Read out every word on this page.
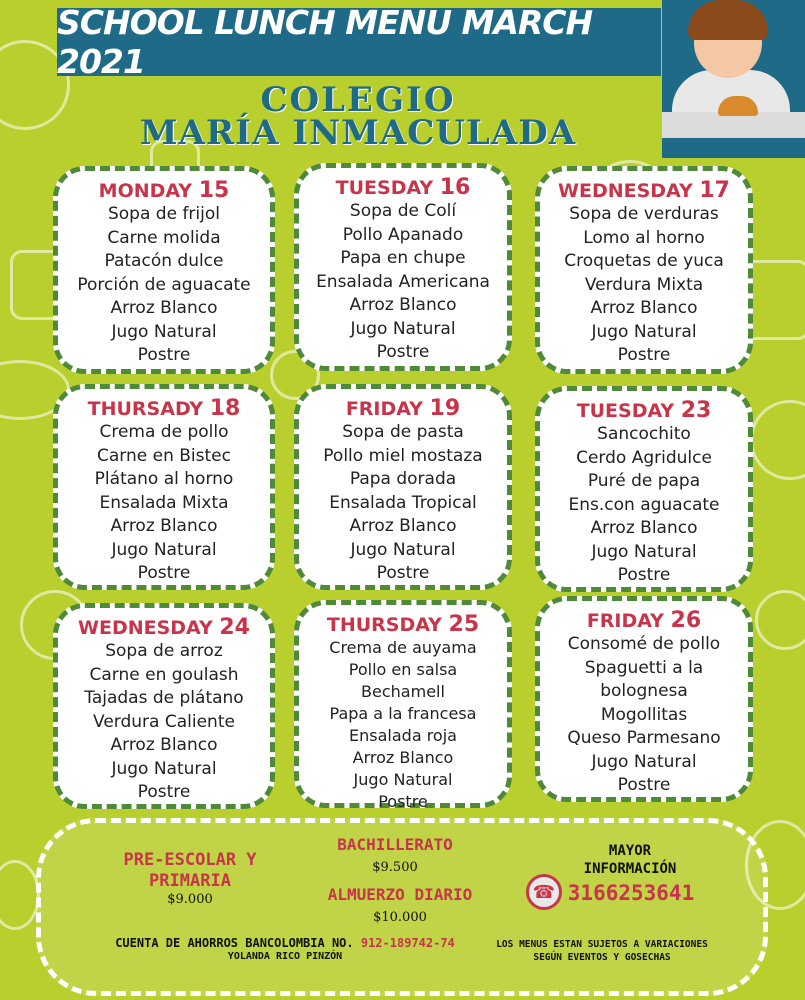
SCHOOL LUNCH MENU MARCH 2021
COLEGIO
MARÍA INMACULADA
MONDAY 15
Sopa de frijol
Carne molida
Patacón dulce
Porción de aguacate
Arroz Blanco
Jugo Natural
Postre
TUESDAY 16
Sopa de Colí
Pollo Apanado
Papa en chupe
Ensalada Americana
Arroz Blanco
Jugo Natural
Postre
WEDNESDAY 17
Sopa de verduras
Lomo al horno
Croquetas de yuca
Verdura Mixta
Arroz Blanco
Jugo Natural
Postre
THURSADY 18
Crema de pollo
Carne en Bistec
Plátano al horno
Ensalada Mixta
Arroz Blanco
Jugo Natural
Postre
FRIDAY 19
Sopa de pasta
Pollo miel mostaza
Papa dorada
Ensalada Tropical
Arroz Blanco
Jugo Natural
Postre
TUESDAY 23
Sancochito
Cerdo Agridulce
Puré de papa
Ens.con aguacate
Arroz Blanco
Jugo Natural
Postre
WEDNESDAY 24
Sopa de arroz
Carne en goulash
Tajadas de plátano
Verdura Caliente
Arroz Blanco
Jugo Natural
Postre
THURSDAY 25
Crema de auyama
Pollo en salsa
Bechamell
Papa a la francesa
Ensalada roja
Arroz Blanco
Jugo Natural
Postre
FRIDAY 26
Consomé de pollo
Spaguetti a la
bolognesa
Mogollitas
Queso Parmesano
Jugo Natural
Postre
PRE-ESCOLAR Y
PRIMARIA
$9.000
BACHILLERATO
$9.500
ALMUERZO DIARIO
$10.000
MAYOR
INFORMACIÓN
☎ 3166253641
CUENTA DE AHORROS BANCOLOMBIA NO. 912-189742-74
YOLANDA RICO PINZÓN
LOS MENUS ESTAN SUJETOS A VARIACIONES
SEGÚN EVENTOS Y GOSECHAS
